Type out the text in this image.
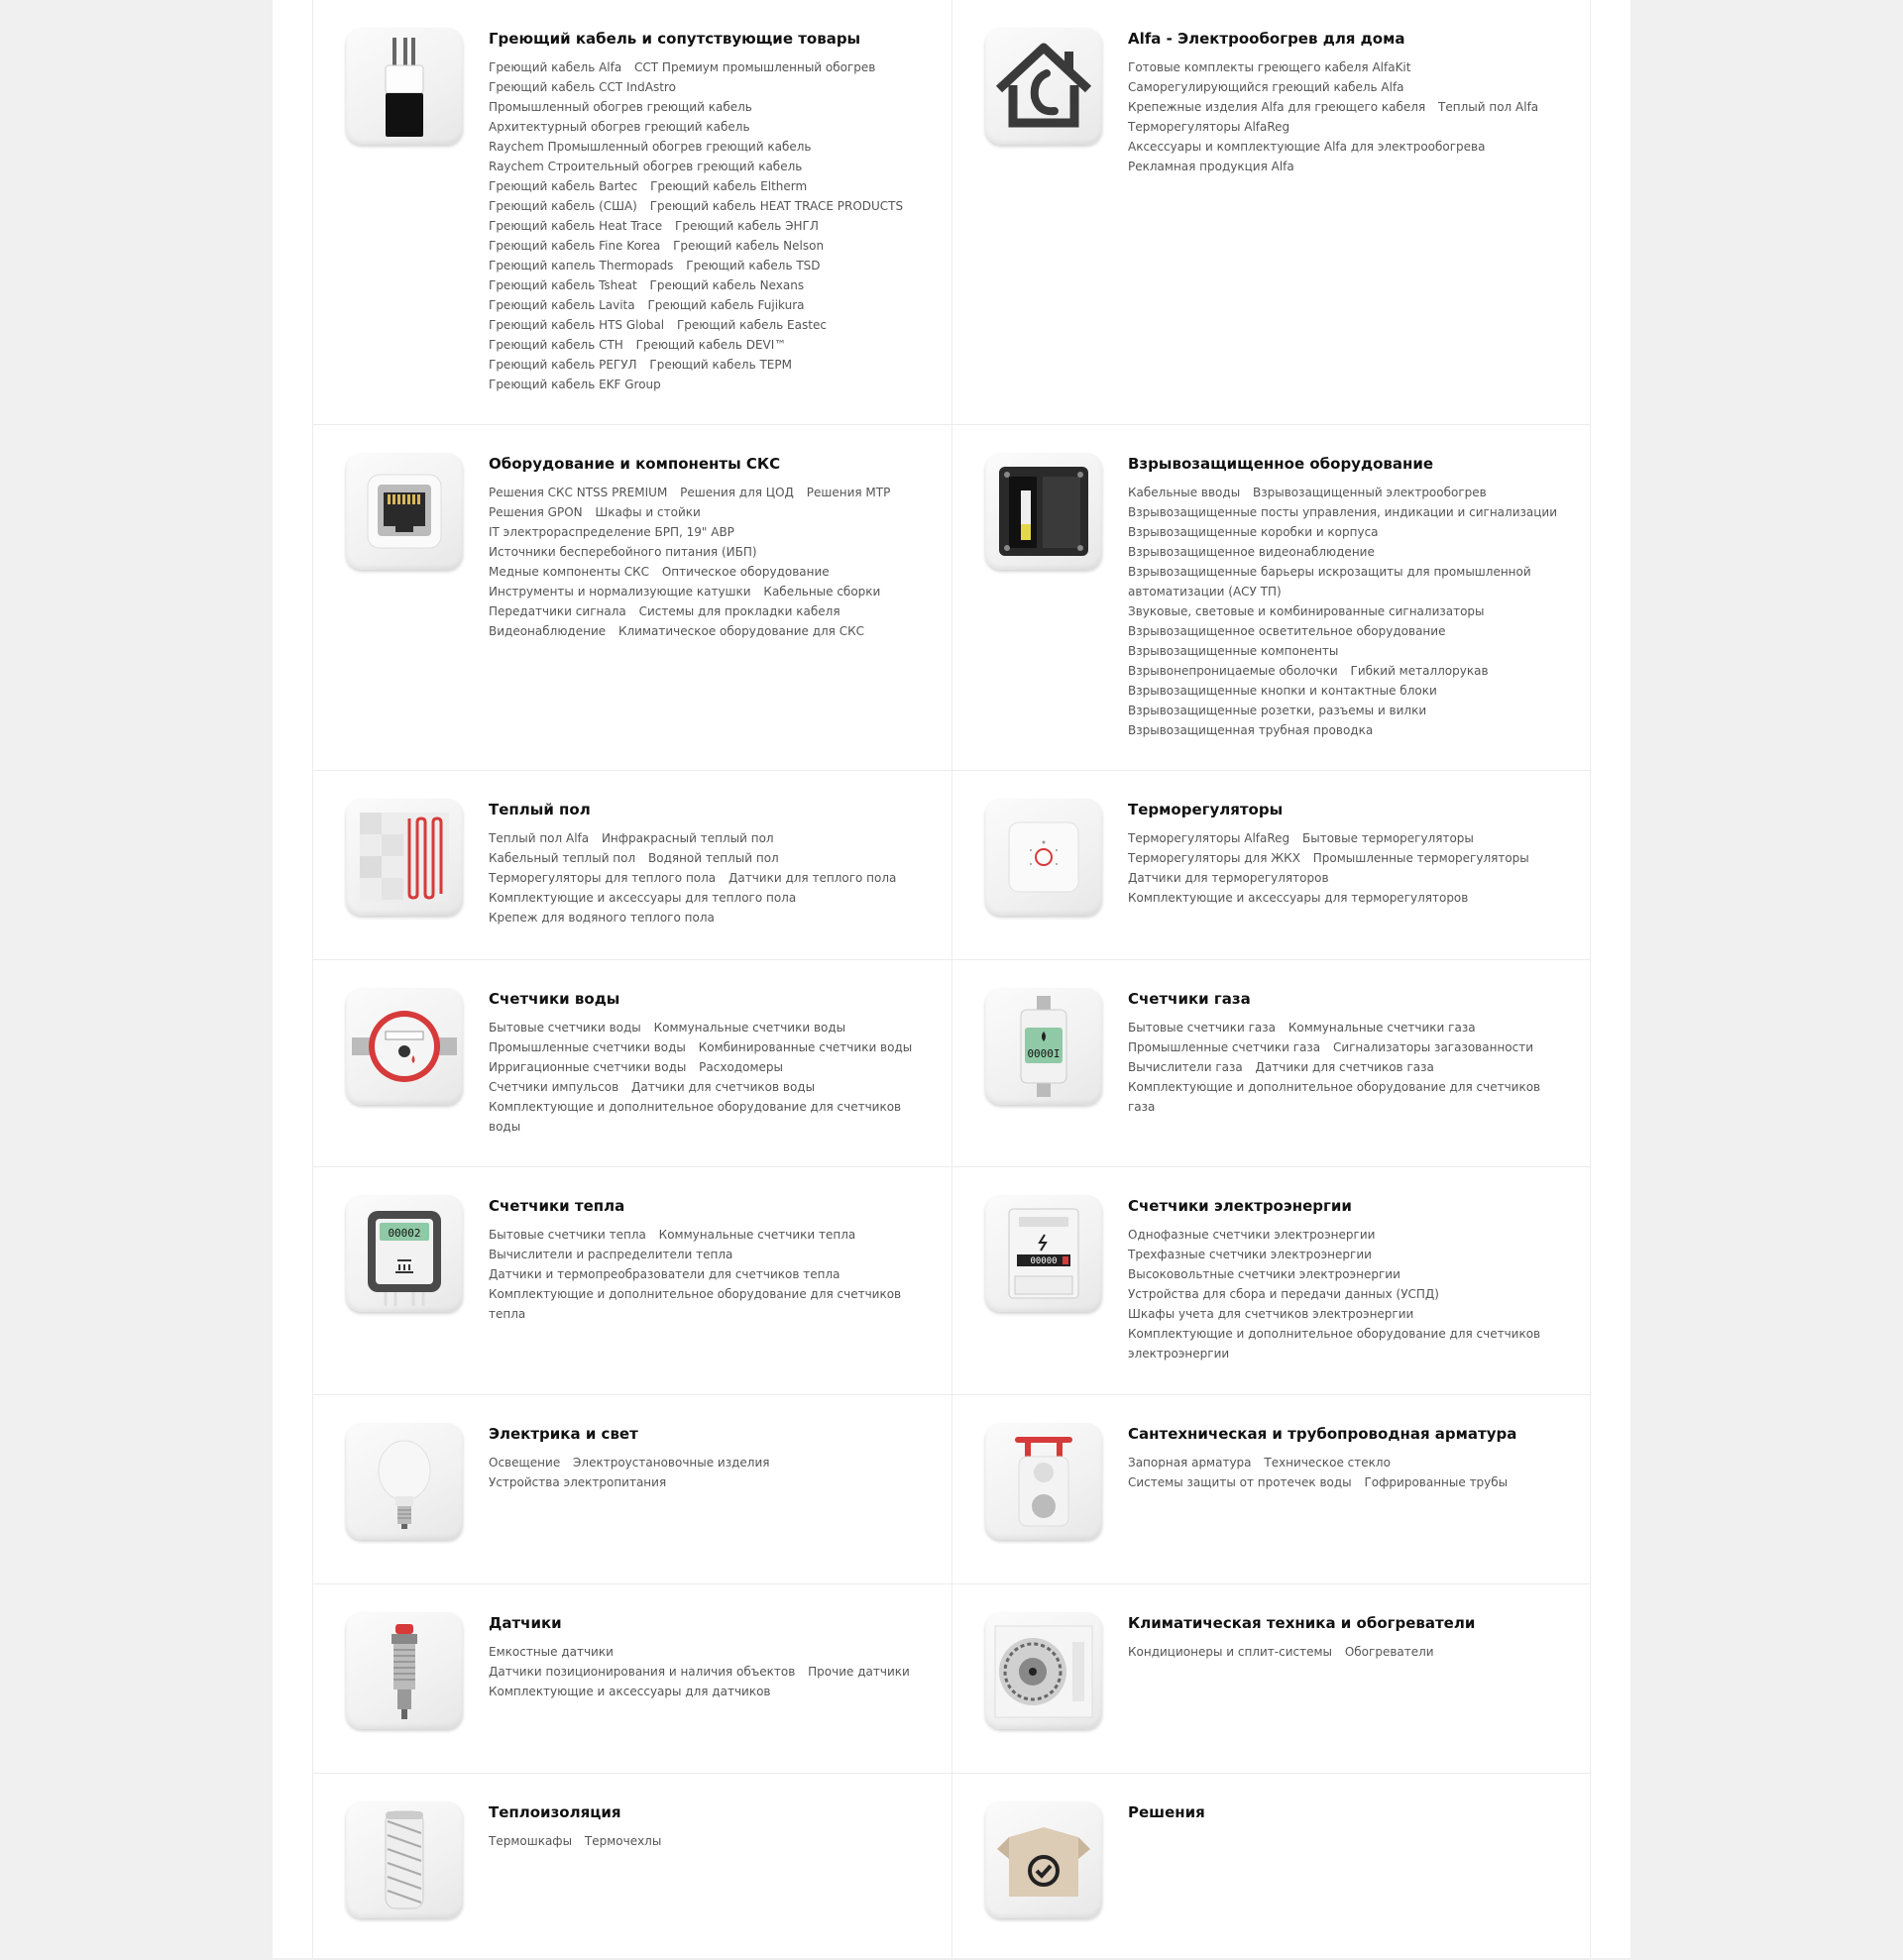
Греющий кабель и сопутствующие товары
Греющий кабель Alfa ССТ Премиум промышленный обогрев
Греющий кабель CCT IndAstro
Промышленный обогрев греющий кабель
Архитектурный обогрев греющий кабель
Raychem Промышленный обогрев греющий кабель
Raychem Строительный обогрев греющий кабель
Греющий кабель Bartec Греющий кабель Eltherm
Греющий кабель (США) Греющий кабель HEAT TRACE PRODUCTS
Греющий кабель Heat Trace Греющий кабель ЭНГЛ
Греющий кабель Fine Korea Греющий кабель Nelson
Греющий капель Thermopads Греющий кабель TSD
Греющий кабель Tsheat Греющий кабель Nexans
Греющий кабель Lavita Греющий кабель Fujikura
Греющий кабель HTS Global Греющий кабель Eastec
Греющий кабель CTH Греющий кабель DEVI™
Греющий кабель РЕГУЛ Греющий кабель ТЕРМ
Греющий кабель EKF Group
Alfa - Электрообогрев для дома
Готовые комплекты греющего кабеля AlfaKit
Саморегулирующийся греющий кабель Alfa
Крепежные изделия Alfa для греющего кабеля Теплый пол Alfa
Терморегуляторы AlfaReg
Аксессуары и комплектующие Alfa для электрообогрева
Рекламная продукция Alfa
Оборудование и компоненты СКС
Решения СКС NTSS PREMIUM Решения для ЦОД Решения МТР
Решения GPON Шкафы и стойки
IT электрораспределение БРП, 19" АВР
Источники бесперебойного питания (ИБП)
Медные компоненты СКС Оптическое оборудование
Инструменты и нормализующие катушки Кабельные сборки
Передатчики сигнала Системы для прокладки кабеля
Видеонаблюдение Климатическое оборудование для СКС
Взрывозащищенное оборудование
Кабельные вводы Взрывозащищенный электрообогрев
Взрывозащищенные посты управления, индикации и сигнализации
Взрывозащищенные коробки и корпуса
Взрывозащищенное видеонаблюдение
Взрывозащищенные барьеры искрозащиты для промышленной автоматизации (АСУ ТП)
Звуковые, световые и комбинированные сигнализаторы
Взрывозащищенное осветительное оборудование
Взрывозащищенные компоненты
Взрывонепроницаемые оболочки Гибкий металлорукав
Взрывозащищенные кнопки и контактные блоки
Взрывозащищенные розетки, разъемы и вилки
Взрывозащищенная трубная проводка
Теплый пол
Теплый пол Alfa Инфракрасный теплый пол
Кабельный теплый пол Водяной теплый пол
Терморегуляторы для теплого пола Датчики для теплого пола
Комплектующие и аксессуары для теплого пола
Крепеж для водяного теплого пола
Терморегуляторы
Терморегуляторы AlfaReg Бытовые терморегуляторы
Терморегуляторы для ЖКХ Промышленные терморегуляторы
Датчики для терморегуляторов
Комплектующие и аксессуары для терморегуляторов
Счетчики воды
Бытовые счетчики воды Коммунальные счетчики воды
Промышленные счетчики воды Комбинированные счетчики воды
Ирригационные счетчики воды Расходомеры
Счетчики импульсов Датчики для счетчиков воды
Комплектующие и дополнительное оборудование для счетчиков воды
0000I
Счетчики газа
Бытовые счетчики газа Коммунальные счетчики газа
Промышленные счетчики газа Сигнализаторы загазованности
Вычислители газа Датчики для счетчиков газа
Комплектующие и дополнительное оборудование для счетчиков газа
00002
Счетчики тепла
Бытовые счетчики тепла Коммунальные счетчики тепла
Вычислители и распределители тепла
Датчики и термопреобразователи для счетчиков тепла
Комплектующие и дополнительное оборудование для счетчиков тепла
00000
Счетчики электроэнергии
Однофазные счетчики электроэнергии
Трехфазные счетчики электроэнергии
Высоковольтные счетчики электроэнергии
Устройства для сбора и передачи данных (УСПД)
Шкафы учета для счетчиков электроэнергии
Комплектующие и дополнительное оборудование для счетчиков электроэнергии
Электрика и свет
Освещение Электроустановочные изделия
Устройства электропитания
Сантехническая и трубопроводная арматура
Запорная арматура Техническое стекло
Системы защиты от протечек воды Гофрированные трубы
Датчики
Емкостные датчики
Датчики позиционирования и наличия объектов Прочие датчики
Комплектующие и аксессуары для датчиков
Климатическая техника и обогреватели
Кондиционеры и сплит-системы Обогреватели
Теплоизоляция
Термошкафы Термочехлы
Решения
